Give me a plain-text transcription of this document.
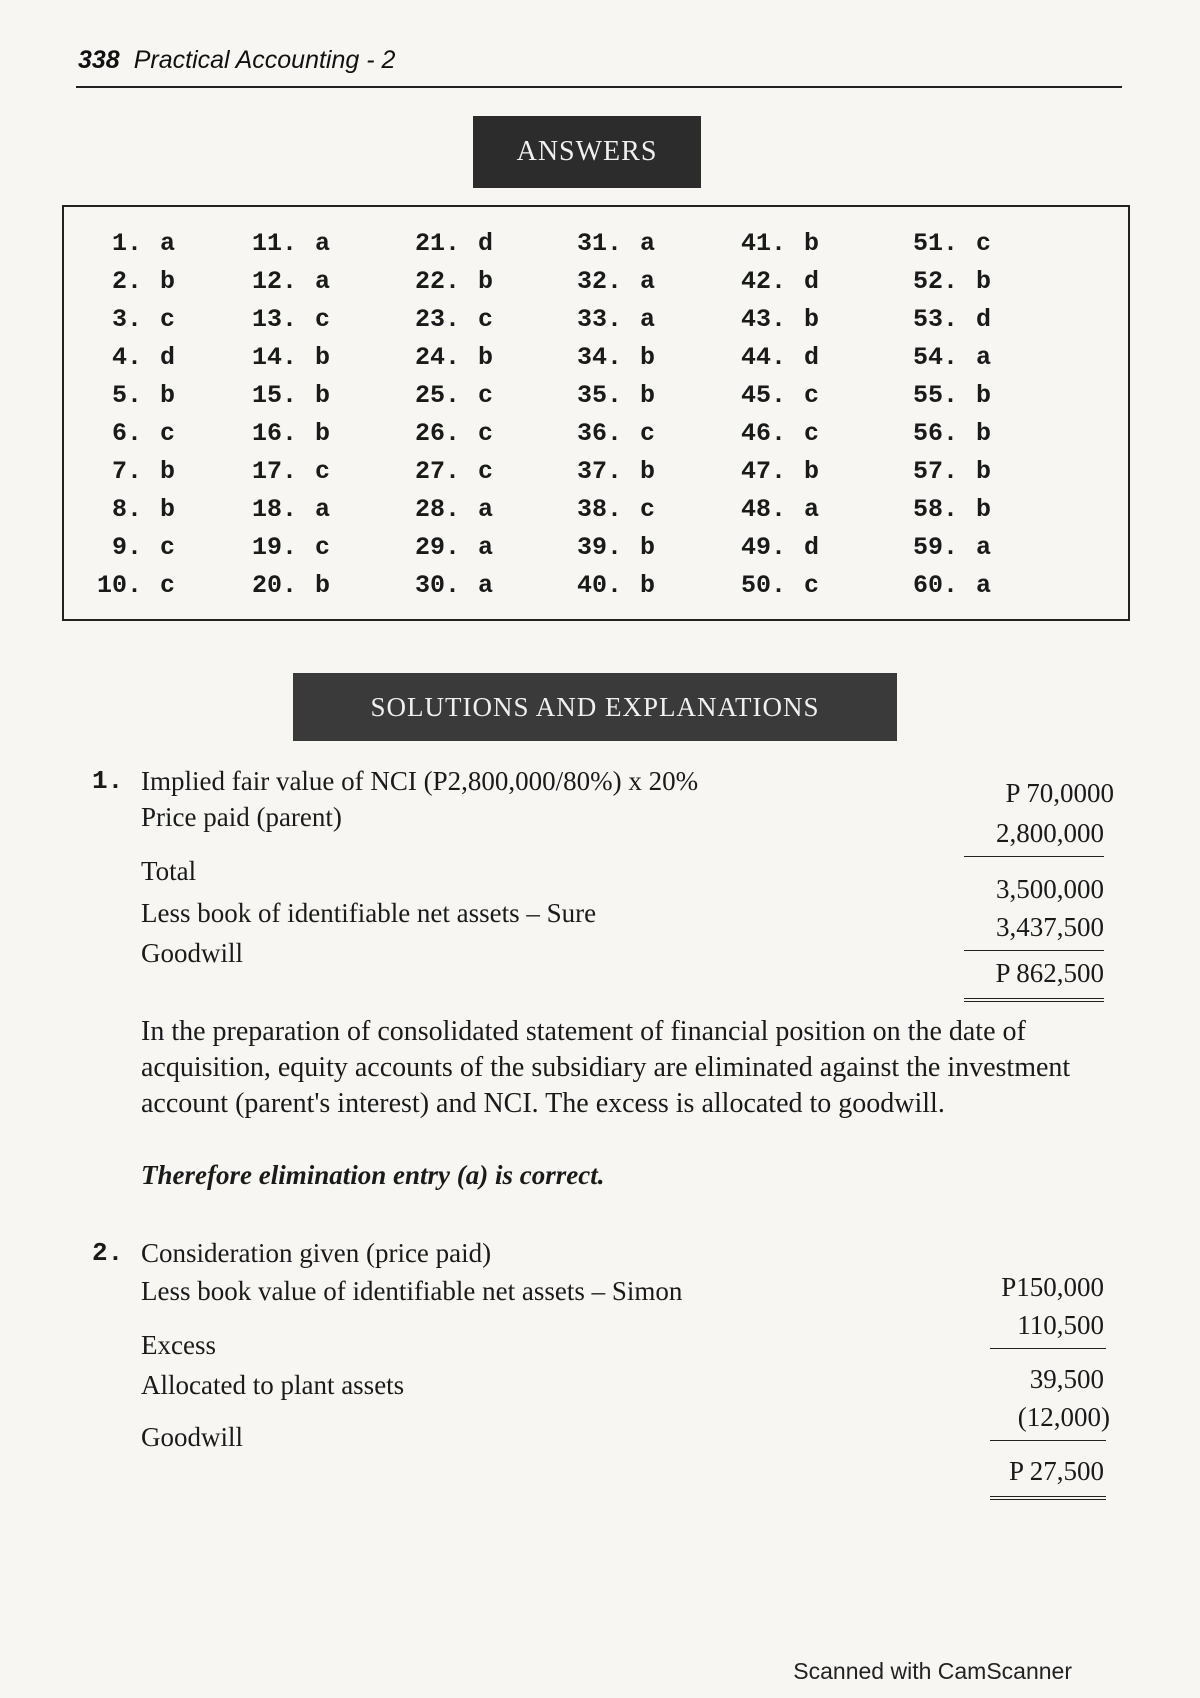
338 Practical Accounting - 2
ANSWERS
1. a
2. b
3. c
4. d
5. b
6. c
7. b
8. b
9. c
10. c
11. a
12. a
13. c
14. b
15. b
16. b
17. c
18. a
19. c
20. b
21. d
22. b
23. c
24. b
25. c
26. c
27. c
28. a
29. a
30. a
31. a
32. a
33. a
34. b
35. b
36. c
37. b
38. c
39. b
40. b
41. b
42. d
43. b
44. d
45. c
46. c
47. b
48. a
49. d
50. c
51. c
52. b
53. d
54. a
55. b
56. b
57. b
58. b
59. a
60. a
SOLUTIONS AND EXPLANATIONS
1. Implied fair value of NCI (P2,800,000/80%) x 20%
Price paid (parent)
Total
Less book of identifiable net assets – Sure
Goodwill
P 70,0000
2,800,000
3,500,000
3,437,500
P 862,500
In the preparation of consolidated statement of financial position on the date of acquisition, equity accounts of the subsidiary are eliminated against the investment account (parent's interest) and NCI. The excess is allocated to goodwill.
Therefore elimination entry (a) is correct.
2. Consideration given (price paid)
Less book value of identifiable net assets – Simon
Excess
Allocated to plant assets
Goodwill
P150,000
110,500
39,500
(12,000)
P 27,500
Scanned with CamScanner
